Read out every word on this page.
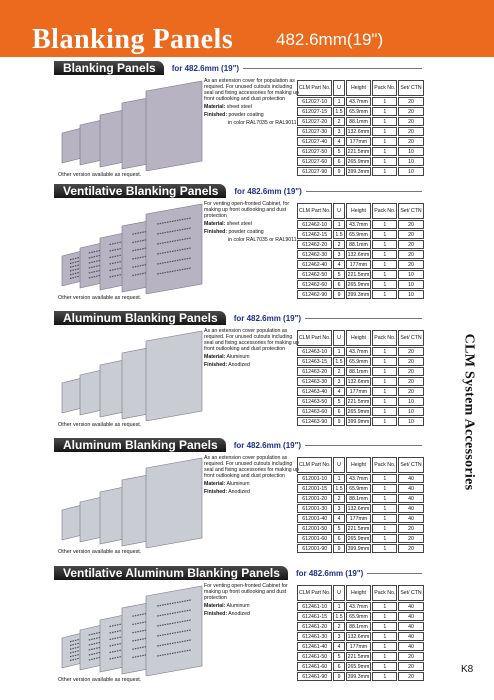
Blanking Panels	482.6mm(19")
CLM System Accessories
K8
Blanking Panels	for 482.6mm (19")

As an extension cover for population as required. For unused cutouts including seal and fixing accessories for making up front outlooking and dust protection

Material: sheet steel

Finished: powder coating

in color RAL7035 or RAL9011

Other version available as request.
CLM Part No.	U	Height	Pack No.	Set/ CTN
612027-10	1	43.7mm	1	20
612027-15	1.5	65.9mm	1	20
612027-20	2	88.1mm	1	20
612027-30	3	132.6mm	1	20
612027-40	4	177mm	1	20
612027-50	5	221.5mm	1	10
612027-60	6	265.9mm	1	10
612027-90	9	399.3mm	1	10
Ventilative Blanking Panels	for 482.6mm (19")

For venting open-fronted Cabinet, for making up front outlooking and dust protection

Material: sheet steel

Finished: powder coating

in color RAL7035 or RAL9011

Other version available as request.
CLM Part No.	U	Height	Pack No.	Set/ CTN
612462-10	1	43.7mm	1	20
612462-15	1.5	65.9mm	1	20
612462-20	2	88.1mm	1	20
612462-30	3	132.6mm	1	20
612462-40	4	177mm	1	20
612462-50	5	221.5mm	1	10
612462-60	6	265.9mm	1	10
612462-90	9	399.3mm	1	10
Aluminum Blanking Panels	for 482.6mm (19")

As an extension cover population as required. For unused cutouts including seal and fixing accessories for making up front outlooking and dust protection

Material: Aluminum

Finished: Anodized

Other version available as request.
CLM Part No.	U	Height	Pack No.	Set/ CTN
612463-10	1	43.7mm	1	20
612463-15	1.5	65.9mm	1	20
612463-20	2	88.1mm	1	20
612463-30	3	132.6mm	1	20
612463-40	4	177mm	1	20
612463-50	5	221.5mm	1	10
612463-60	6	265.9mm	1	10
612463-90	9	399.9mm	1	10
Aluminum Blanking Panels	for 482.6mm (19")

As an extension cover population as required. For unused cutouts including seal and fixing accessories for making up front outlooking and dust protection

Material: Aluminum

Finished: Anodized

Other version available as request.
CLM Part No.	U	Height	Pack No.	Set/ CTN
612001-10	1	43.7mm	1	40
612001-15	1.5	65.9mm	1	40
612001-20	2	88.1mm	1	40
612001-30	3	132.6mm	1	40
612001-40	4	177mm	1	40
612001-50	5	221.5mm	1	20
612001-60	6	265.9mm	1	20
612001-90	9	399.9mm	1	20
Ventilative Aluminum Blanking Panels	for 482.6mm (19")

For venting open-fronted Cabinet for making up front outlooking and dust protection

Material: Aluminum

Finished: Anodized

Other version available as request.
CLM Part No.	U	Height	Pack No.	Set/ CTN
612461-10	1	43.7mm	1	40
612461-15	1.5	65.9mm	1	40
612461-20	2	88.1mm	1	40
612461-30	3	132.6mm	1	40
612461-40	4	177mm	1	40
612461-50	5	221.5mm	1	20
612461-60	6	265.9mm	1	20
612461-90	9	399.3mm	1	20
